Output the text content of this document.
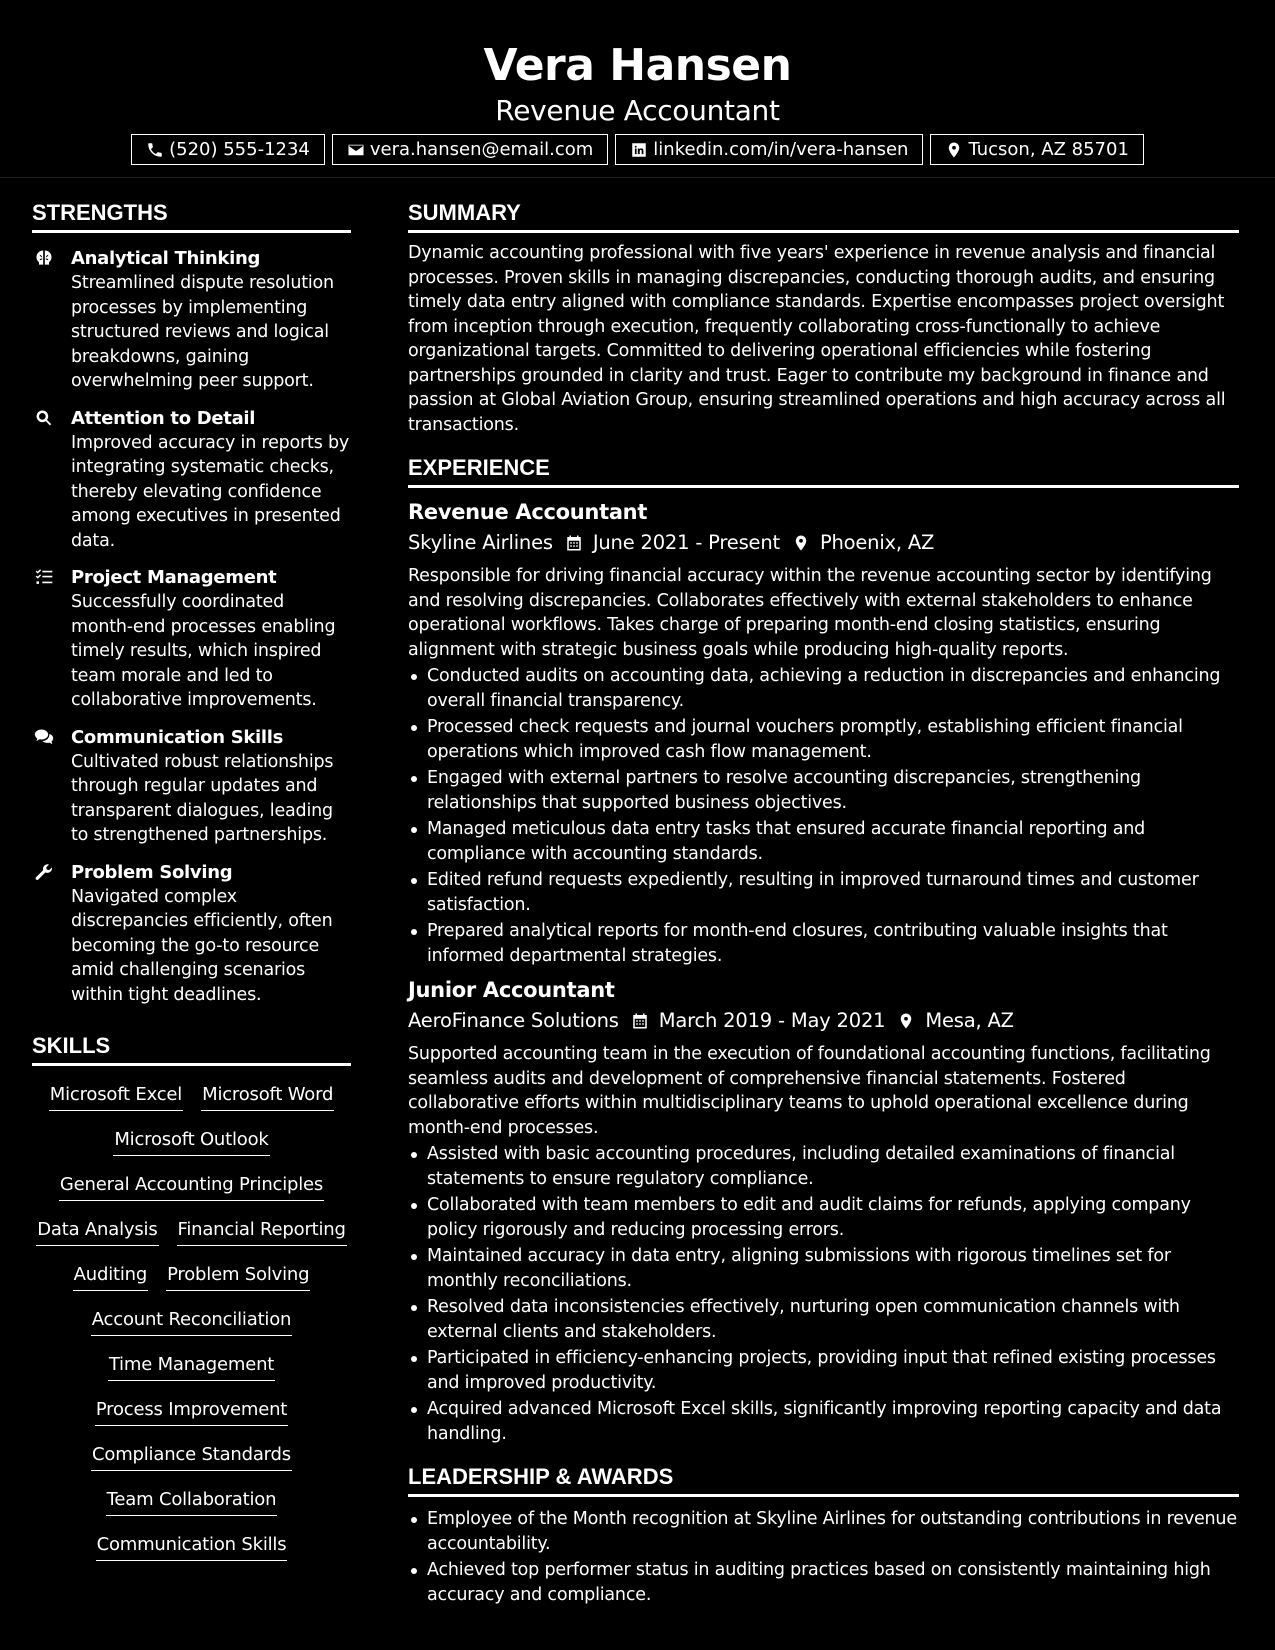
Vera Hansen
Revenue Accountant
(520) 555-1234	vera.hansen@email.com	linkedin.com/in/vera-hansen	Tucson, AZ 85701
STRENGTHS
Analytical Thinking
Streamlined dispute resolution processes by implementing structured reviews and logical breakdowns, gaining overwhelming peer support.
Attention to Detail
Improved accuracy in reports by integrating systematic checks, thereby elevating confidence among executives in presented data.
Project Management
Successfully coordinated month-end processes enabling timely results, which inspired team morale and led to collaborative improvements.
Communication Skills
Cultivated robust relationships through regular updates and transparent dialogues, leading to strengthened partnerships.
Problem Solving
Navigated complex discrepancies efficiently, often becoming the go-to resource amid challenging scenarios within tight deadlines.
SKILLS
Microsoft Excel Microsoft Word
Microsoft Outlook
General Accounting Principles
Data Analysis Financial Reporting
Auditing Problem Solving
Account Reconciliation
Time Management
Process Improvement
Compliance Standards
Team Collaboration
Communication Skills
SUMMARY
Dynamic accounting professional with five years' experience in revenue analysis and financial processes. Proven skills in managing discrepancies, conducting thorough audits, and ensuring timely data entry aligned with compliance standards. Expertise encompasses project oversight from inception through execution, frequently collaborating cross-functionally to achieve organizational targets. Committed to delivering operational efficiencies while fostering partnerships grounded in clarity and trust. Eager to contribute my background in finance and passion at Global Aviation Group, ensuring streamlined operations and high accuracy across all transactions.
EXPERIENCE
Revenue Accountant
Skyline Airlines June 2021 - Present Phoenix, AZ
Responsible for driving financial accuracy within the revenue accounting sector by identifying and resolving discrepancies. Collaborates effectively with external stakeholders to enhance operational workflows. Takes charge of preparing month-end closing statistics, ensuring alignment with strategic business goals while producing high-quality reports.
Conducted audits on accounting data, achieving a reduction in discrepancies and enhancing overall financial transparency.
Processed check requests and journal vouchers promptly, establishing efficient financial operations which improved cash flow management.
Engaged with external partners to resolve accounting discrepancies, strengthening relationships that supported business objectives.
Managed meticulous data entry tasks that ensured accurate financial reporting and compliance with accounting standards.
Edited refund requests expediently, resulting in improved turnaround times and customer satisfaction.
Prepared analytical reports for month-end closures, contributing valuable insights that informed departmental strategies.
Junior Accountant
AeroFinance Solutions March 2019 - May 2021 Mesa, AZ
Supported accounting team in the execution of foundational accounting functions, facilitating seamless audits and development of comprehensive financial statements. Fostered collaborative efforts within multidisciplinary teams to uphold operational excellence during month-end processes.
Assisted with basic accounting procedures, including detailed examinations of financial statements to ensure regulatory compliance.
Collaborated with team members to edit and audit claims for refunds, applying company policy rigorously and reducing processing errors.
Maintained accuracy in data entry, aligning submissions with rigorous timelines set for monthly reconciliations.
Resolved data inconsistencies effectively, nurturing open communication channels with external clients and stakeholders.
Participated in efficiency-enhancing projects, providing input that refined existing processes and improved productivity.
Acquired advanced Microsoft Excel skills, significantly improving reporting capacity and data handling.
LEADERSHIP & AWARDS
Employee of the Month recognition at Skyline Airlines for outstanding contributions in revenue accountability.
Achieved top performer status in auditing practices based on consistently maintaining high accuracy and compliance.
